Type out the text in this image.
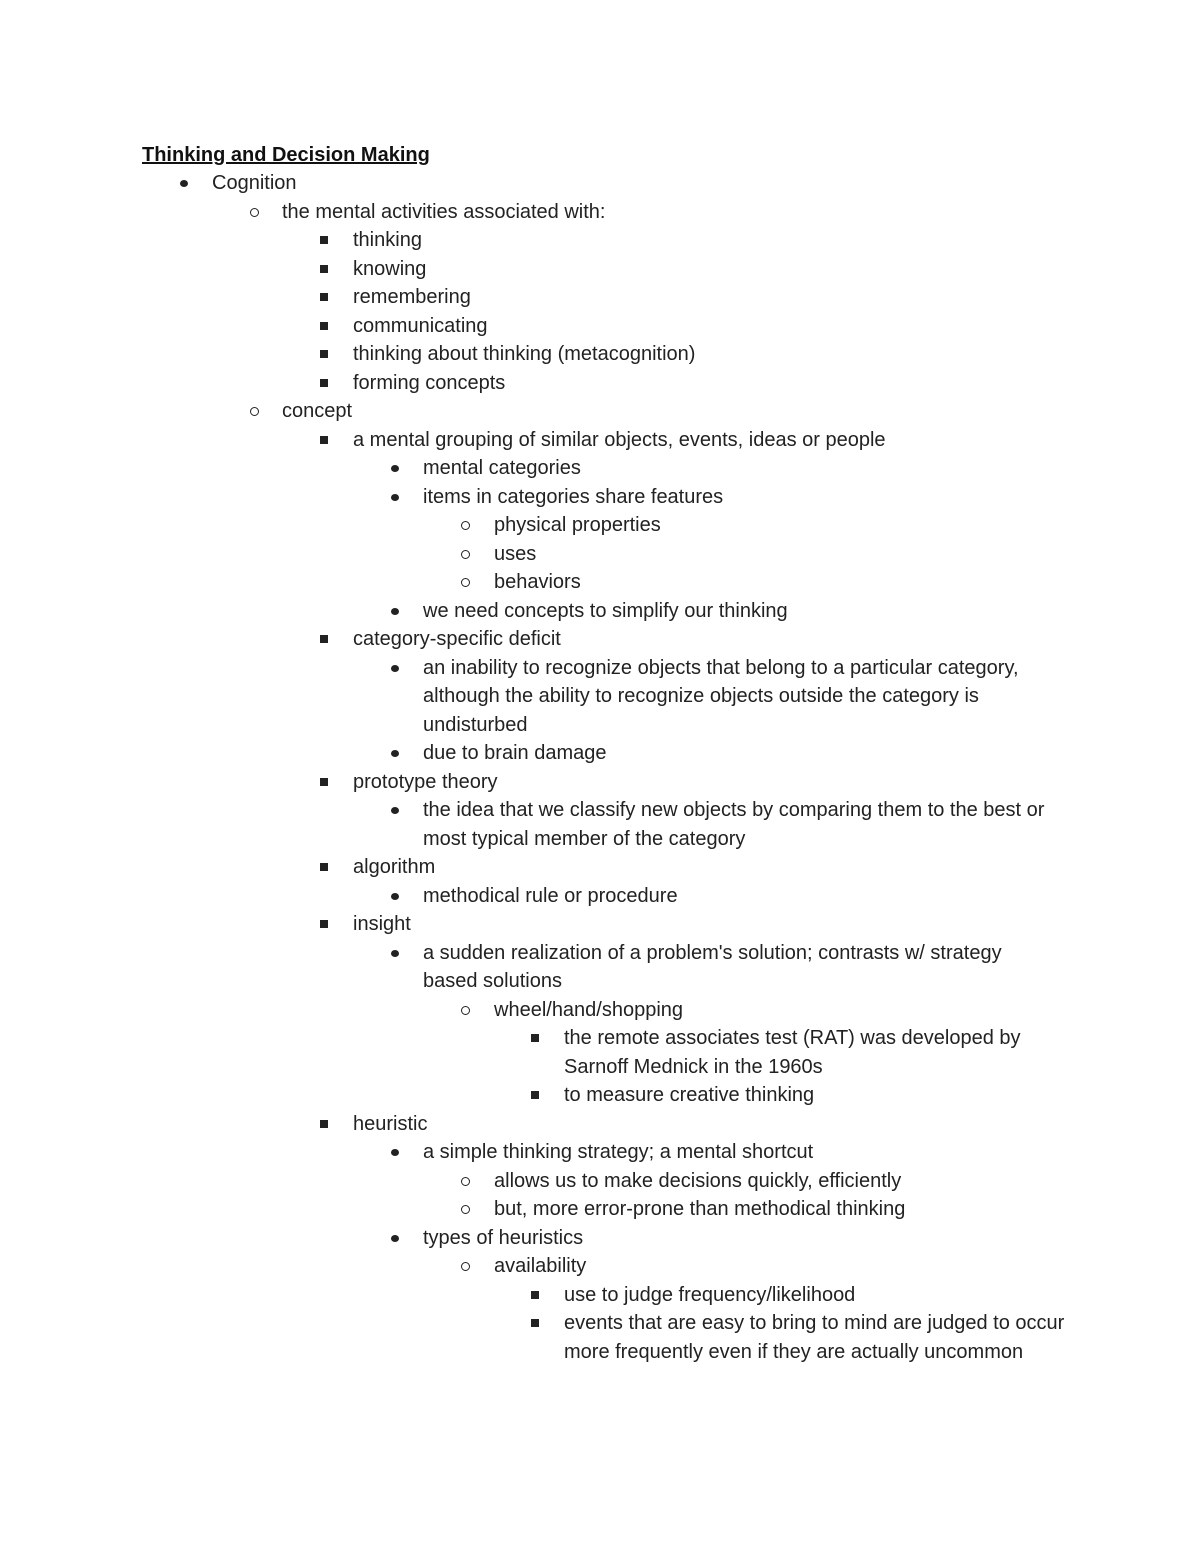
Thinking and Decision Making
Cognition
the mental activities associated with:
thinking
knowing
remembering
communicating
thinking about thinking (metacognition)
forming concepts
concept
a mental grouping of similar objects, events, ideas or people
mental categories
items in categories share features
physical properties
uses
behaviors
we need concepts to simplify our thinking
category-specific deficit
an inability to recognize objects that belong to a particular category, although the ability to recognize objects outside the category is undisturbed
due to brain damage
prototype theory
the idea that we classify new objects by comparing them to the best or most typical member of the category
algorithm
methodical rule or procedure
insight
a sudden realization of a problem's solution; contrasts w/ strategy based solutions
wheel/hand/shopping
the remote associates test (RAT) was developed by Sarnoff Mednick in the 1960s
to measure creative thinking
heuristic
a simple thinking strategy; a mental shortcut
allows us to make decisions quickly, efficiently
but, more error-prone than methodical thinking
types of heuristics
availability
use to judge frequency/likelihood
events that are easy to bring to mind are judged to occur more frequently even if they are actually uncommon
